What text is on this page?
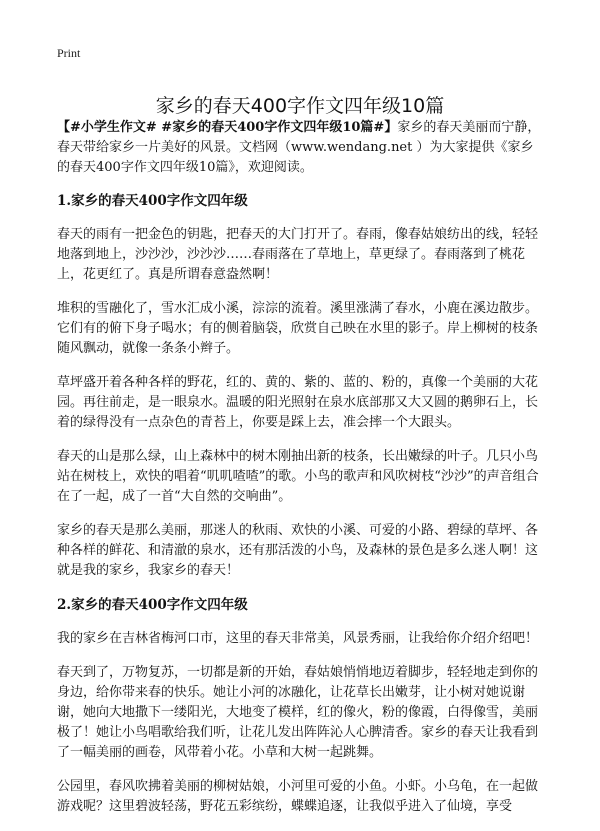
Print
家乡的春天400字作文四年级10篇

【#小学生作文# #家乡的春天400字作文四年级10篇#】家乡的春天美丽而宁静，春天带给家乡一片美好的风景。文档网（www.wendang.net ）为大家提供《家乡的春天400字作文四年级10篇》，欢迎阅读。

1.家乡的春天400字作文四年级

春天的雨有一把金色的钥匙，把春天的大门打开了。春雨，像春姑娘纺出的线，轻轻地落到地上，沙沙沙，沙沙沙……春雨落在了草地上，草更绿了。春雨落到了桃花上，花更红了。真是所谓春意盎然啊！

堆积的雪融化了，雪水汇成小溪，淙淙的流着。溪里涨满了春水，小鹿在溪边散步。它们有的俯下身子喝水；有的侧着脑袋，欣赏自己映在水里的影子。岸上柳树的枝条随风飘动，就像一条条小辫子。

草坪盛开着各种各样的野花，红的、黄的、紫的、蓝的、粉的，真像一个美丽的大花园。再往前走，是一眼泉水。温暖的阳光照射在泉水底部那又大又圆的鹅卵石上，长着的绿得没有一点杂色的青苔上，你要是踩上去，准会摔一个大跟头。

春天的山是那么绿，山上森林中的树木刚抽出新的枝条，长出嫩绿的叶子。几只小鸟站在树枝上，欢快的唱着“叽叽喳喳”的歌。小鸟的歌声和风吹树枝“沙沙”的声音组合在了一起，成了一首“大自然的交响曲”。

家乡的春天是那么美丽，那迷人的秋雨、欢快的小溪、可爱的小路、碧绿的草坪、各种各样的鲜花、和清澈的泉水，还有那活泼的小鸟，及森林的景色是多么迷人啊！这就是我的家乡，我家乡的春天！

2.家乡的春天400字作文四年级

我的家乡在吉林省梅河口市，这里的春天非常美，风景秀丽，让我给你介绍介绍吧！

春天到了，万物复苏，一切都是新的开始，春姑娘悄悄地迈着脚步，轻轻地走到你的身边，给你带来春的快乐。她让小河的冰融化，让花草长出嫩芽，让小树对她说谢谢，她向大地撒下一缕阳光，大地变了模样，红的像火，粉的像霞，白得像雪，美丽极了！她让小鸟唱歌给我们听，让花儿发出阵阵沁人心脾清香。家乡的春天让我看到了一幅美丽的画卷，风带着小花。小草和大树一起跳舞。

公园里，春风吹拂着美丽的柳树姑娘，小河里可爱的小鱼。小虾。小乌龟，在一起做游戏呢？这里碧波轻荡，野花五彩缤纷，蝶蝶追逐，让我似乎进入了仙境，享受
